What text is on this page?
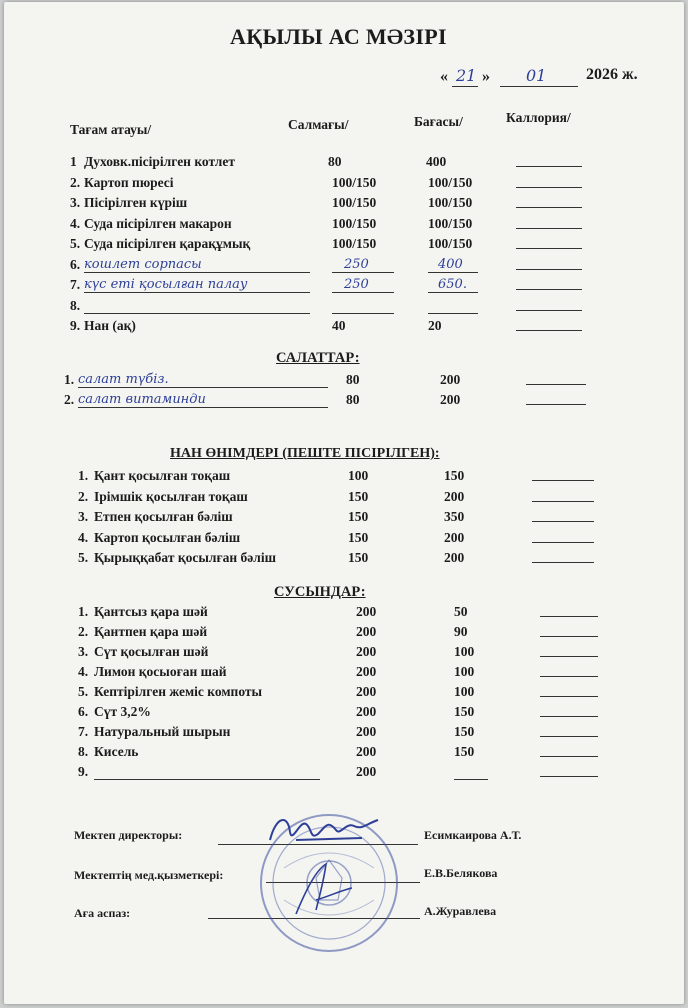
АҚЫЛЫ АС МӘЗІРІ
« 21 » 01 2026 ж.
Тағам атауы/	Салмағы/	Бағасы/	Каллория/
1 Духовк.пісірілген котлет	80	400
2. Картоп пюресі	100/150	100/150
3. Пісірілген күріш	100/150	100/150
4. Суда пісірілген макарон	100/150	100/150
5. Суда пісірілген қарақұмық	100/150	100/150
6. кошлет сорпасы	250	400
7. күс еті қосылған палау	250	650.
8.
9. Нан (ақ)	40	20
САЛАТТАР:
1. салат түбіз.	80	200
2. салат витаминди	80	200
НАН ӨНІМДЕРІ (ПЕШТЕ ПІСІРІЛГЕН):
1. Қант қосылған тоқаш	100	150
2. Ірімшік қосылған тоқаш	150	200
3. Етпен қосылған бәліш	150	350
4. Картоп қосылған бәліш	150	200
5. Қырыққабат қосылған бәліш	150	200
СУСЫНДАР:
1. Қантсыз қара шәй	200	50
2. Қантпен қара шәй	200	90
3. Сүт қосылған шәй	200	100
4. Лимон қосыоған шай	200	100
5. Кептірілген жеміс компоты	200	100
6. Сүт 3,2%	200	150
7. Натуральный шырын	200	150
8. Кисель	200	150
9.	200
Мектеп директоры:	Есимкаирова А.Т.
Мектептің мед.қызметкері:	Е.В.Белякова
Аға аспаз:	А.Журавлева
